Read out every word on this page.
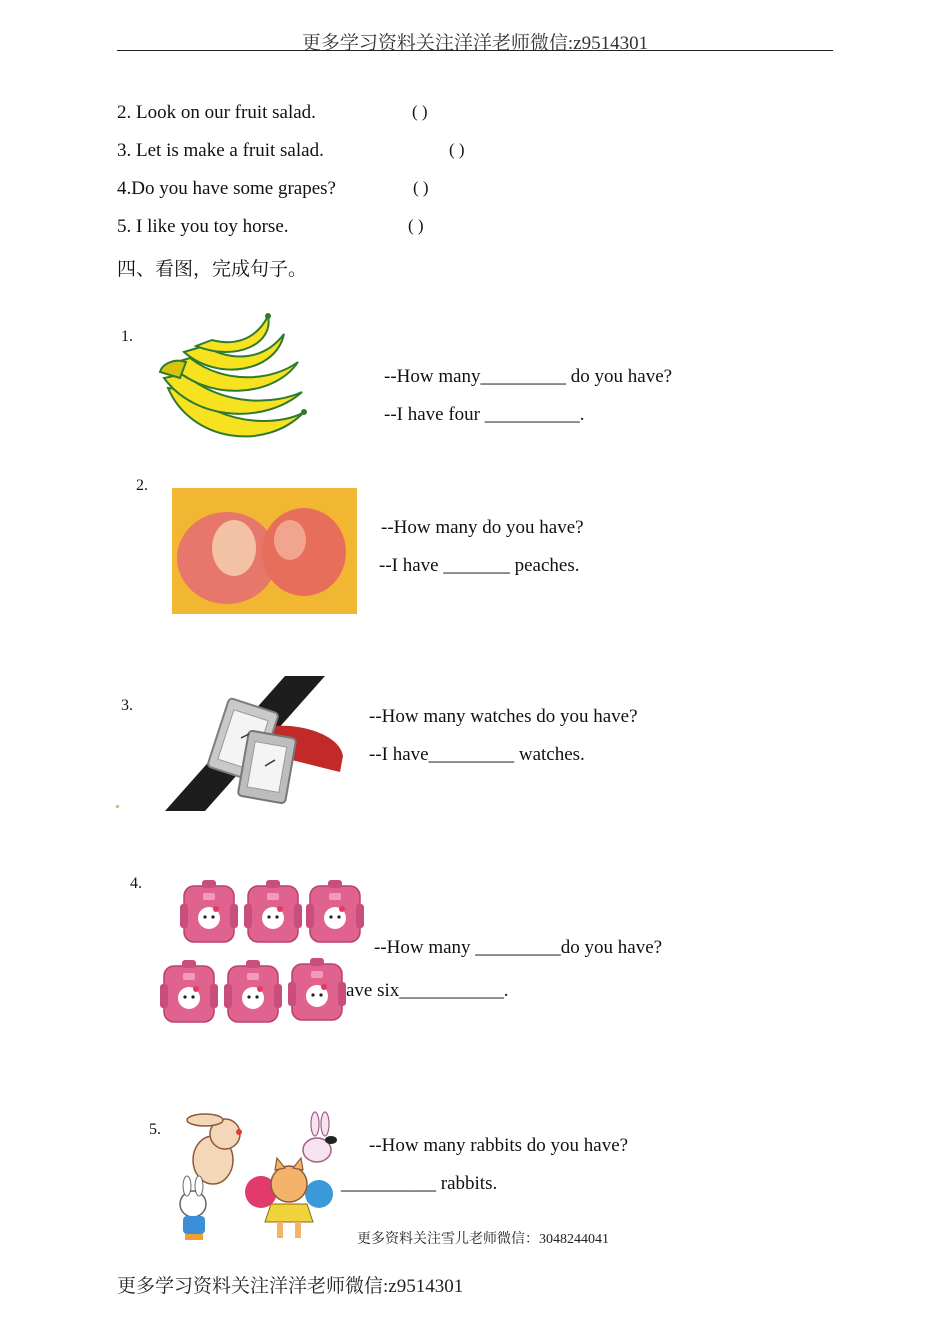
更多学习资料关注洋洋老师微信:z9514301
2. Look on our fruit salad.	( )
3. Let is make a fruit salad.	( )
4.Do you have some grapes?	( )
5. I like you toy horse.	( )
四、看图，完成句子。
1.
--How many_________ do you have?
--I have four __________.
2.
--How many do you have?
--I have _______ peaches.
3.
--How many watches do you have?
--I have_________ watches.
4.
--How many _________do you have?
ave six___________.
5.
--How many rabbits do you have?
__________ rabbits.
更多资料关注雪儿老师微信：3048244041
更多学习资料关注洋洋老师微信:z9514301
